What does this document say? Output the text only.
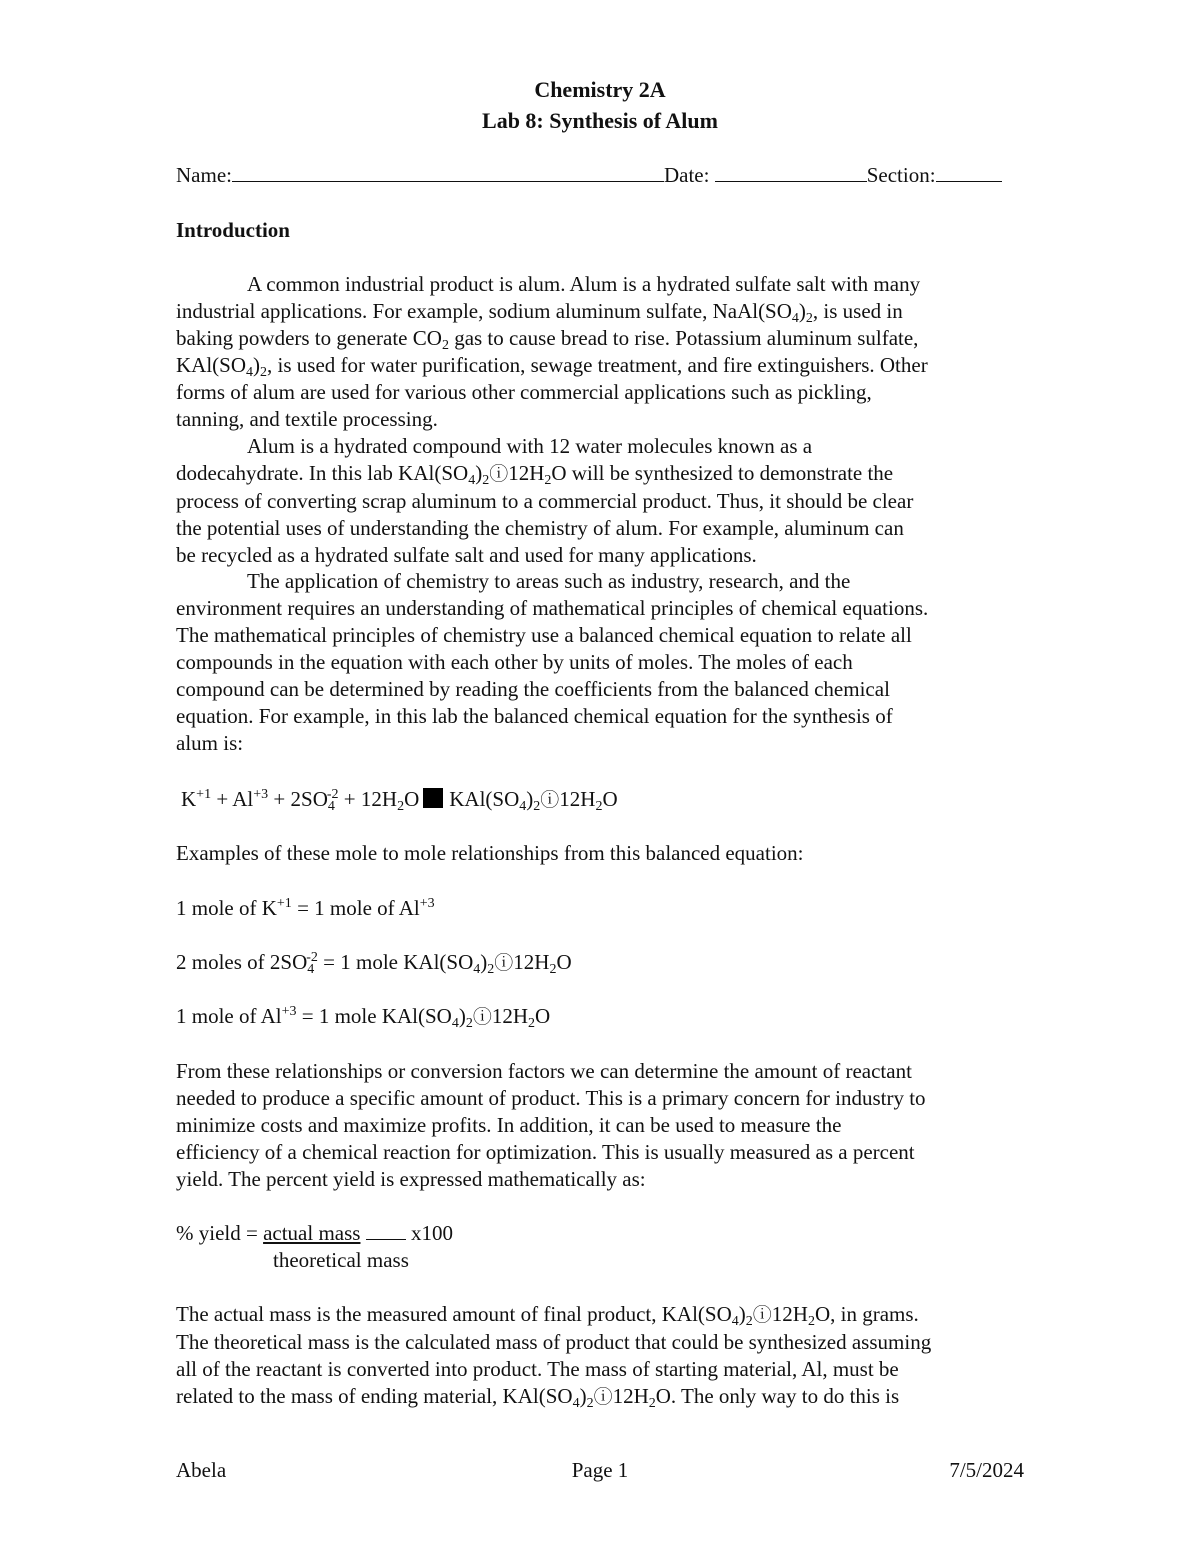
Chemistry 2A
Lab 8: Synthesis of Alum
Name:	Date:	Section:
Introduction

A common industrial product is alum. Alum is a hydrated sulfate salt with many

industrial applications. For example, sodium aluminum sulfate, $NaAl(SO_4)_2$, is used in

baking powders to generate $CO_2$ gas to cause bread to rise. Potassium aluminum sulfate,

$KAl(SO_4)_2$, is used for water purification, sewage treatment, and fire extinguishers. Other

forms of alum are used for various other commercial applications such as pickling,

tanning, and textile processing.

Alum is a hydrated compound with 12 water molecules known as a

dodecahydrate. In this lab $KAl(SO_4)_2ⓘ12H_2O$ will be synthesized to demonstrate the

process of converting scrap aluminum to a commercial product. Thus, it should be clear

the potential uses of understanding the chemistry of alum. For example, aluminum can

be recycled as a hydrated sulfate salt and used for many applications.

The application of chemistry to areas such as industry, research, and the

environment requires an understanding of mathematical principles of chemical equations.

The mathematical principles of chemistry use a balanced chemical equation to relate all

compounds in the equation with each other by units of moles. The moles of each

compound can be determined by reading the coefficients from the balanced chemical

equation. For example, in this lab the balanced chemical equation for the synthesis of

alum is:

$K^{+1} + Al^{+3} + 2SO_4^{-2} + 12H_2O$ $KAl(SO_4)_2ⓘ12H_2O$
Examples of these mole to mole relationships from this balanced equation:
1 mole of $K^{+1} = 1$ mole of $Al^{+3}$
2 moles of $2SO_4^{-2} = 1$ mole $KAl(SO_4)_2ⓘ12H_2O$
1 mole of $Al^{+3} = 1$ mole $KAl(SO_4)_2ⓘ12H_2O$

From these relationships or conversion factors we can determine the amount of reactant

needed to produce a specific amount of product. This is a primary concern for industry to

minimize costs and maximize profits. In addition, it can be used to measure the

efficiency of a chemical reaction for optimization. This is usually measured as a percent

yield. The percent yield is expressed mathematically as:

% yield = actual mass x100
theoretical mass

The actual mass is the measured amount of final product, $KAl(SO_4)_2ⓘ12H_2O$, in grams.

The theoretical mass is the calculated mass of product that could be synthesized assuming

all of the reactant is converted into product. The mass of starting material, Al, must be

related to the mass of ending material, $KAl(SO_4)_2ⓘ12H_2O$. The only way to do this is

Abela	Page 1	7/5/2024
